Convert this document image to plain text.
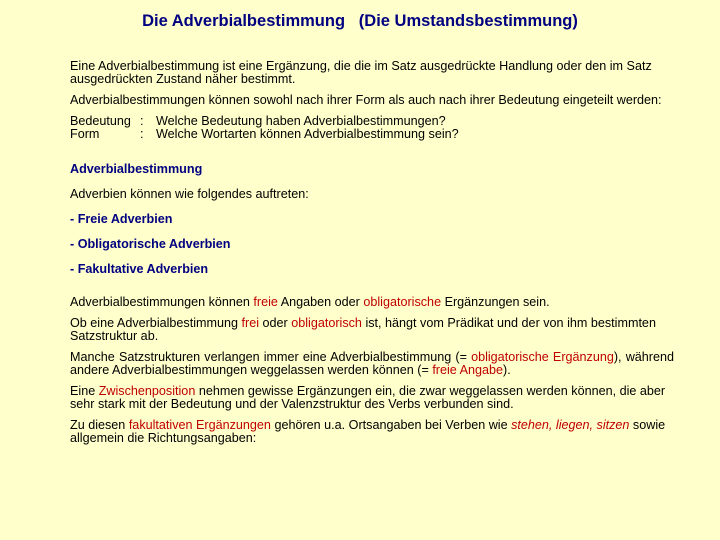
Die Adverbialbestimmung   (Die Umstandsbestimmung)

Eine Adverbialbestimmung ist eine Ergänzung, die die im Satz ausgedrückte Handlung oder den im Satz ausgedrückten Zustand näher bestimmt.

Adverbialbestimmungen können sowohl nach ihrer Form als auch nach ihrer Bedeutung eingeteilt werden:

Bedeutung : Welche Bedeutung haben Adverbialbestimmungen?
Form	: Welche Wortarten können Adverbialbestimmung sein?
Adverbialbestimmung

Adverbien können wie folgendes auftreten:

- Freie Adverbien
- Obligatorische Adverbien
- Fakultative Adverbien

Adverbialbestimmungen können freie Angaben oder obligatorische Ergänzungen sein.

Ob eine Adverbialbestimmung frei oder obligatorisch ist, hängt vom Prädikat und der von ihm bestimmten Satzstruktur ab.

Manche Satzstrukturen verlangen immer eine Adverbialbestimmung (= obligatorische Ergänzung), während andere Adverbialbestimmungen weggelassen werden können (= freie Angabe).

Eine Zwischenposition nehmen gewisse Ergänzungen ein, die zwar weggelassen werden können, die aber sehr stark mit der Bedeutung und der Valenzstruktur des Verbs verbunden sind.

Zu diesen fakultativen Ergänzungen gehören u.a. Ortsangaben bei Verben wie stehen, liegen, sitzen sowie allgemein die Richtungsangaben:
